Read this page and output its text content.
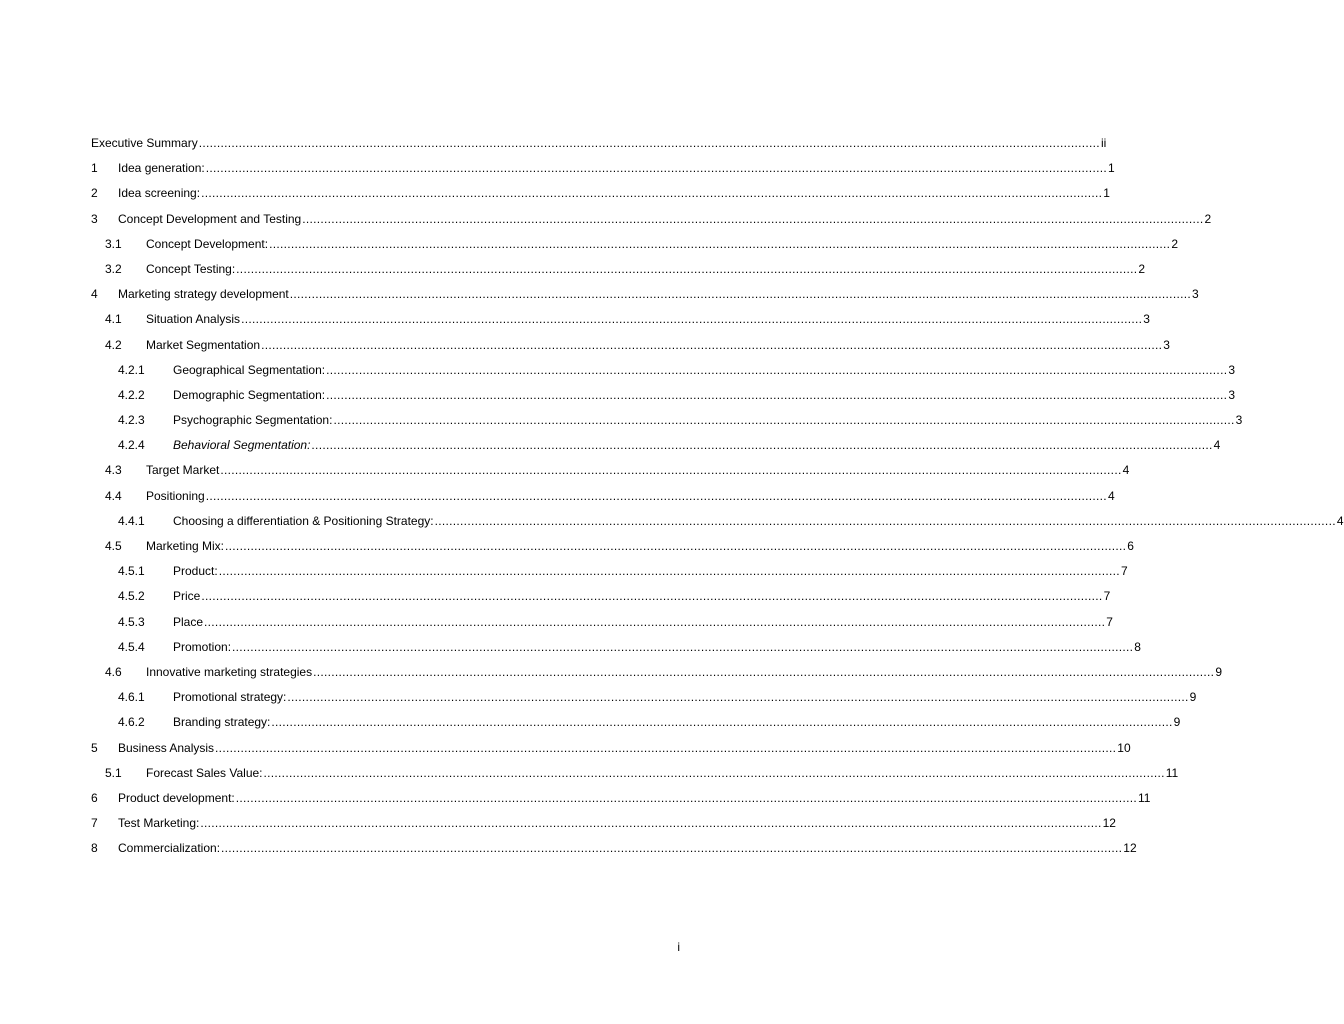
Executive Summary .....	ii
1	Idea generation: .....	1
2	Idea screening: .....	1
3	Concept Development and Testing .....	2
3.1	Concept Development: .....	2
3.2	Concept Testing: .....	2
4	Marketing strategy development .....	3
4.1	Situation Analysis .....	3
4.2	Market Segmentation .....	3
4.2.1	Geographical Segmentation: .....	3
4.2.2	Demographic Segmentation: .....	3
4.2.3	Psychographic Segmentation: .....	3
4.2.4	Behavioral Segmentation: .....	4
4.3	Target Market .....	4
4.4	Positioning .....	4
4.4.1	Choosing a differentiation & Positioning Strategy: .....	4
4.5	Marketing Mix: .....	6
4.5.1	Product: .....	7
4.5.2	Price .....	7
4.5.3	Place .....	7
4.5.4	Promotion: .....	8
4.6	Innovative marketing strategies .....	9
4.6.1	Promotional strategy: .....	9
4.6.2	Branding strategy: .....	9
5	Business Analysis .....	10
5.1	Forecast Sales Value: .....	11
6	Product development: .....	11
7	Test Marketing: .....	12
8	Commercialization: .....	12
i
